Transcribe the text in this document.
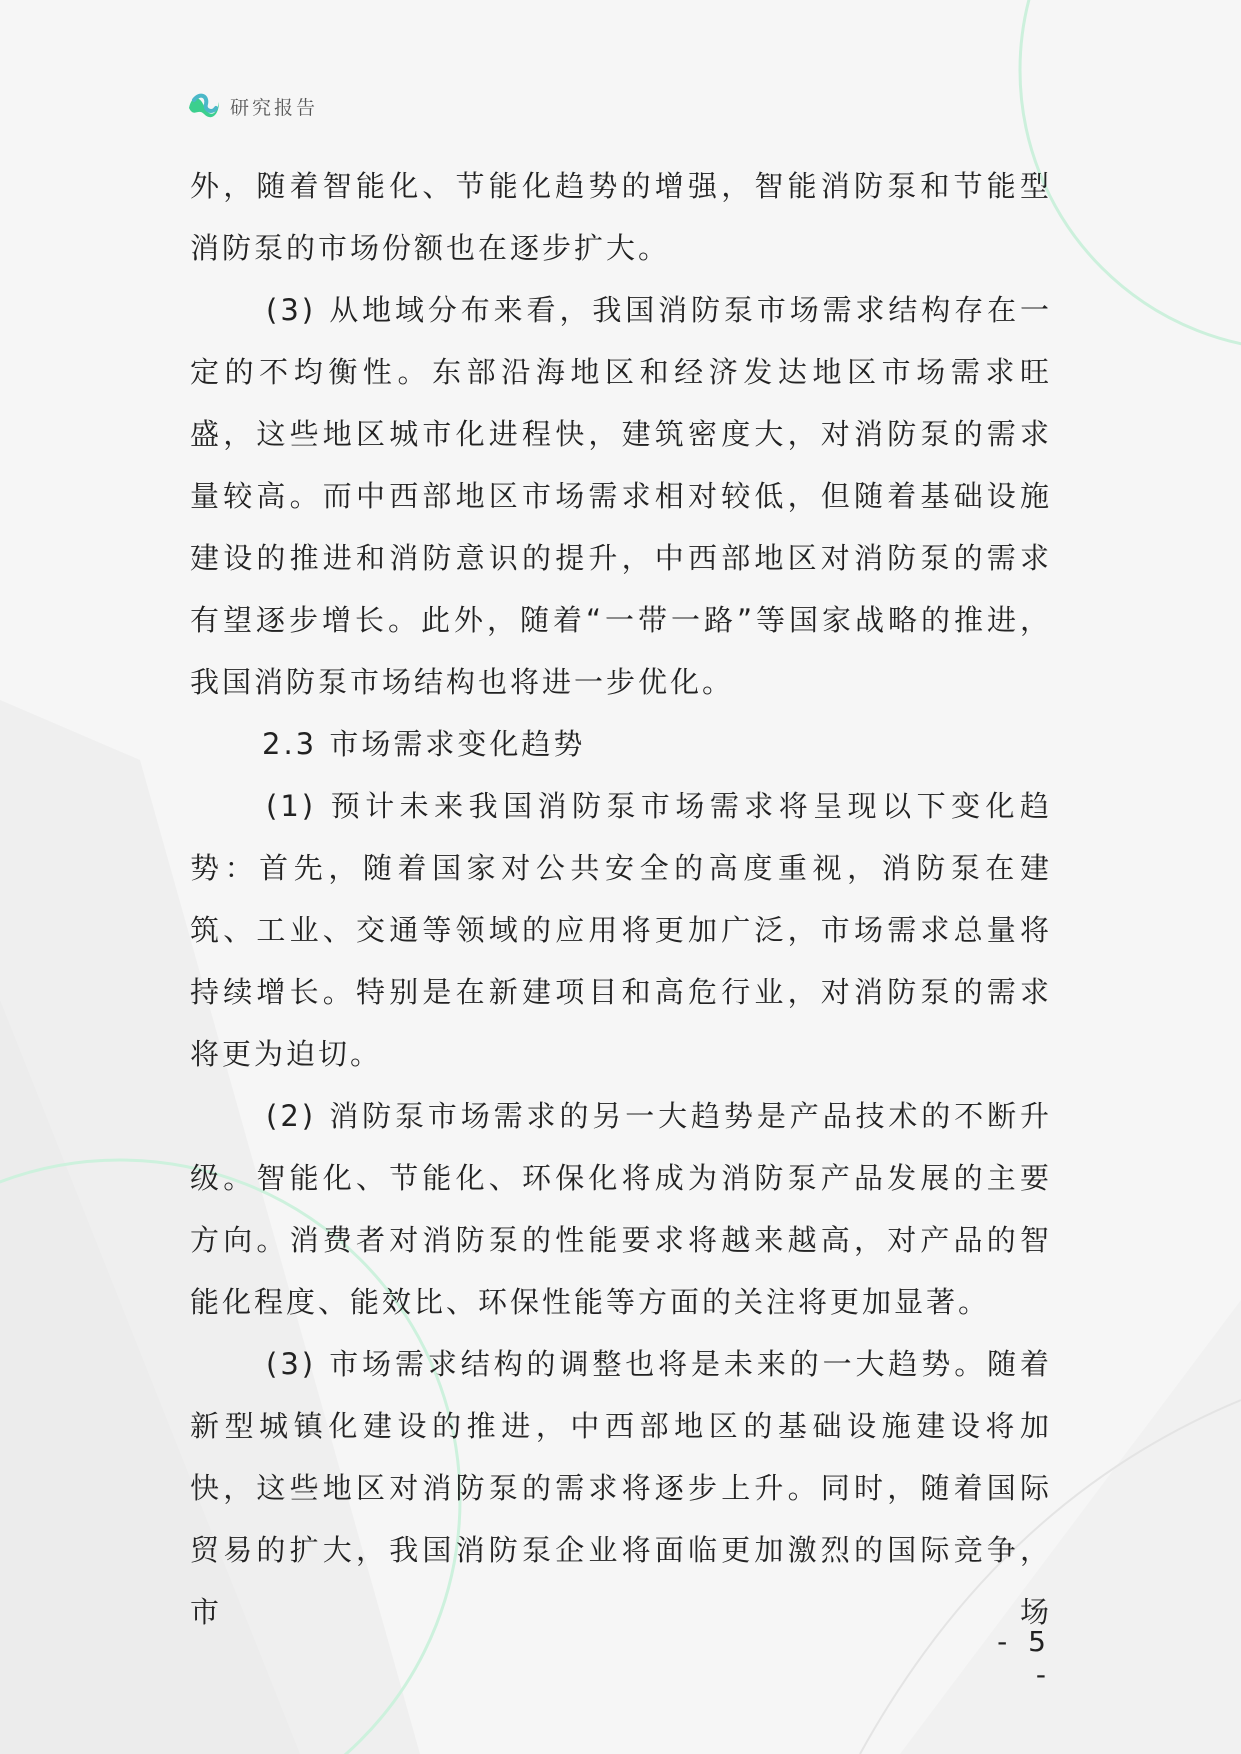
研究报告

外，随着智能化、节能化趋势的增强，智能消防泵和节能型消防泵的市场份额也在逐步扩大。

(3) 从地域分布来看，我国消防泵市场需求结构存在一定的不均衡性。东部沿海地区和经济发达地区市场需求旺盛，这些地区城市化进程快，建筑密度大，对消防泵的需求量较高。而中西部地区市场需求相对较低，但随着基础设施建设的推进和消防意识的提升，中西部地区对消防泵的需求有望逐步增长。此外，随着“一带一路”等国家战略的推进，我国消防泵市场结构也将进一步优化。

2.3 市场需求变化趋势

(1) 预计未来我国消防泵市场需求将呈现以下变化趋势：首先，随着国家对公共安全的高度重视，消防泵在建筑、工业、交通等领域的应用将更加广泛，市场需求总量将持续增长。特别是在新建项目和高危行业，对消防泵的需求将更为迫切。

(2) 消防泵市场需求的另一大趋势是产品技术的不断升级。智能化、节能化、环保化将成为消防泵产品发展的主要方向。消费者对消防泵的性能要求将越来越高，对产品的智能化程度、能效比、环保性能等方面的关注将更加显著。

(3) 市场需求结构的调整也将是未来的一大趋势。随着新型城镇化建设的推进，中西部地区的基础设施建设将加快，这些地区对消防泵的需求将逐步上升。同时，随着国际贸易的扩大，我国消防泵企业将面临更加激烈的国际竞争，市场

- 5 -
